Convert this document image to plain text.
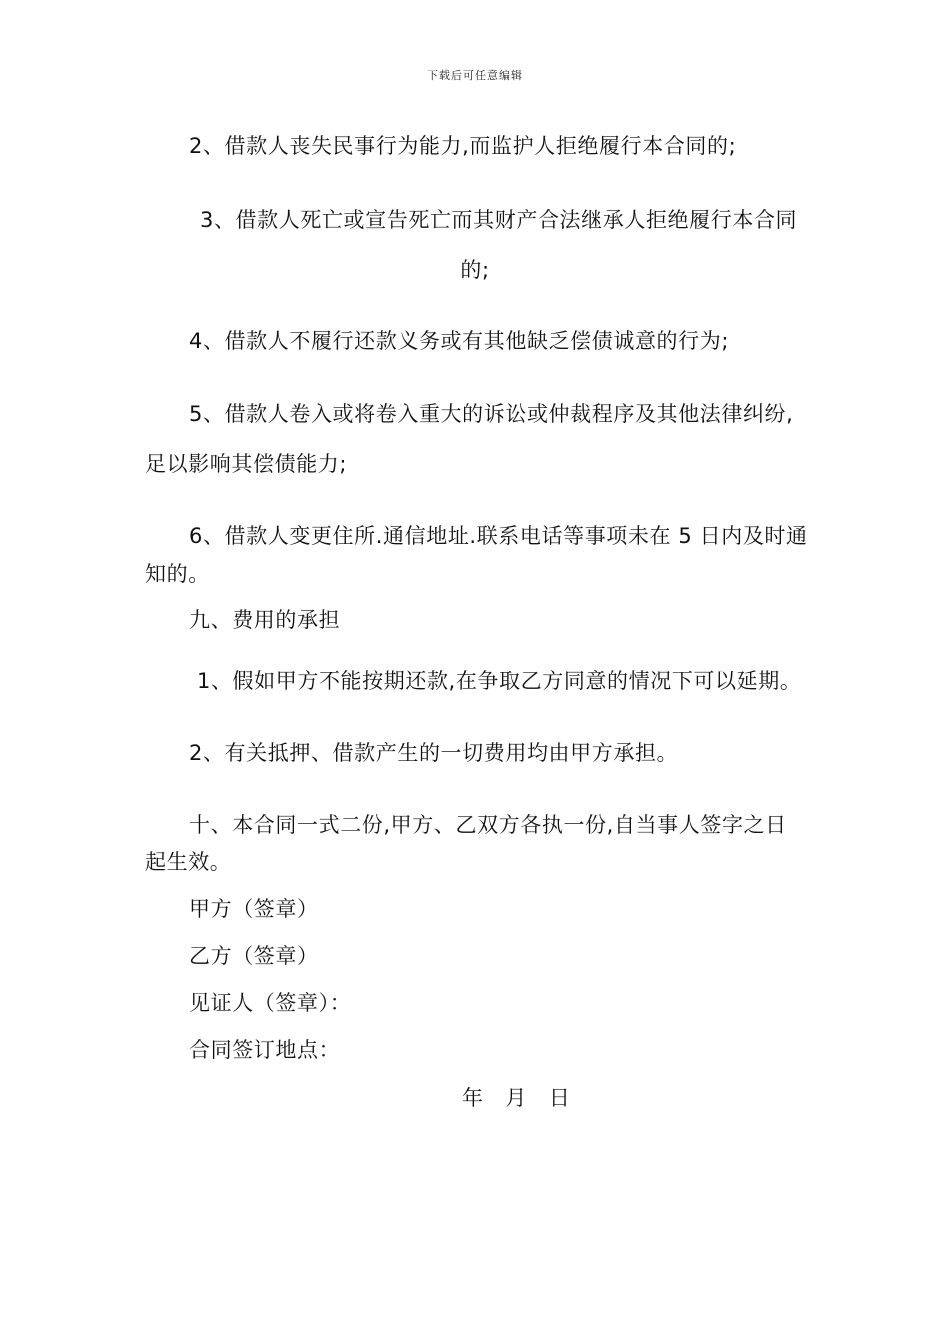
下载后可任意编辑
2、借款人丧失民事行为能力,而监护人拒绝履行本合同的;
3、借款人死亡或宣告死亡而其财产合法继承人拒绝履行本合同
的;
4、借款人不履行还款义务或有其他缺乏偿债诚意的行为;
5、借款人卷入或将卷入重大的诉讼或仲裁程序及其他法律纠纷,
足以影响其偿债能力;
6、借款人变更住所.通信地址.联系电话等事项未在 5 日内及时通
知的。
九、费用的承担
1、假如甲方不能按期还款,在争取乙方同意的情况下可以延期。
2、有关抵押、借款产生的一切费用均由甲方承担。
十、本合同一式二份,甲方、乙双方各执一份,自当事人签字之日
起生效。
甲方（签章）
乙方（签章）
见证人（签章）：
合同签订地点：
年   月   日
